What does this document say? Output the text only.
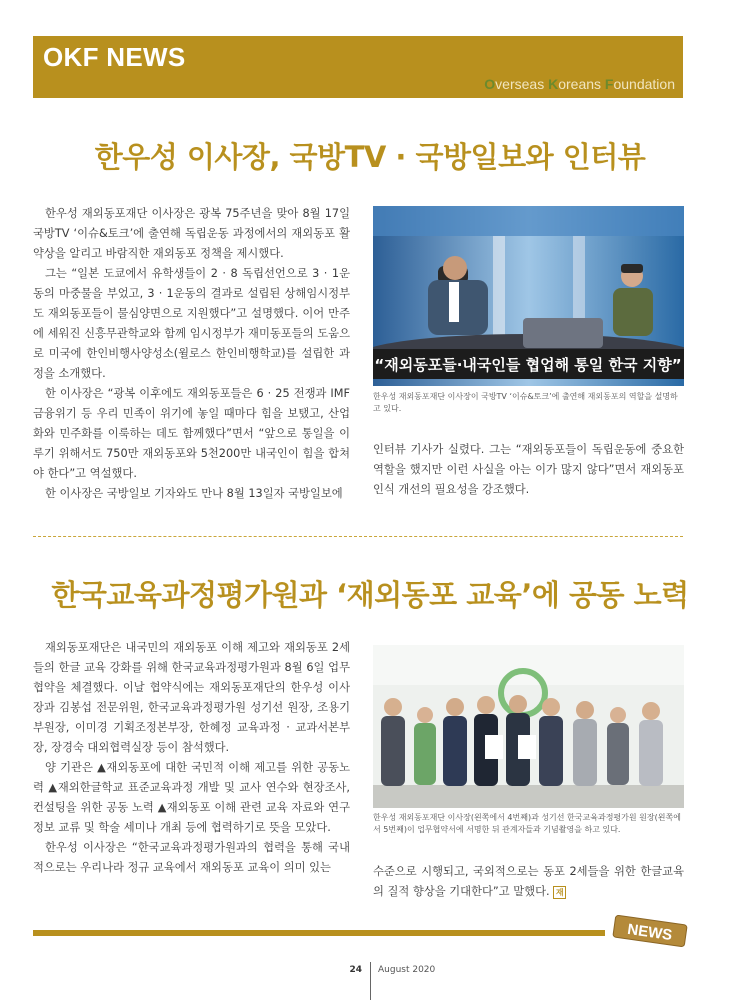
OKF NEWS
Overseas Koreans Foundation
한우성 이사장, 국방TV · 국방일보와 인터뷰

한우성 재외동포재단 이사장은 광복 75주년을 맞아 8월 17일 국방TV ‘이슈&토크’에 출연해 독립운동 과정에서의 재외동포 활약상을 알리고 바람직한 재외동포 정책을 제시했다.

그는 “일본 도쿄에서 유학생들이 2 · 8 독립선언으로 3 · 1운동의 마중물을 부었고, 3 · 1운동의 결과로 설립된 상해임시정부도 재외동포들이 물심양면으로 지원했다”고 설명했다. 이어 만주에 세워진 신흥무관학교와 함께 임시정부가 재미동포들의 도움으로 미국에 한인비행사양성소(윌로스 한인비행학교)를 설립한 과정을 소개했다.

한 이사장은 “광복 이후에도 재외동포들은 6 · 25 전쟁과 IMF 금융위기 등 우리 민족이 위기에 놓일 때마다 힘을 보탰고, 산업화와 민주화를 이룩하는 데도 함께했다”면서 “앞으로 통일을 이루기 위해서도 750만 재외동포와 5천200만 내국인이 힘을 합쳐야 한다”고 역설했다.

한 이사장은 국방일보 기자와도 만나 8월 13일자 국방일보에

“재외동포들·내국인들 협업해 통일 한국 지향”
한우성 재외동포재단 이사장이 국방TV ‘이슈&토크’에 출연해 재외동포의 역할을 설명하고 있다.

인터뷰 기사가 실렸다. 그는 “재외동포들이 독립운동에 중요한 역할을 했지만 이런 사실을 아는 이가 많지 않다”면서 재외동포 인식 개선의 필요성을 강조했다.

한국교육과정평가원과 ‘재외동포 교육’에 공동 노력

재외동포재단은 내국민의 재외동포 이해 제고와 재외동포 2세들의 한글 교육 강화를 위해 한국교육과정평가원과 8월 6일 업무협약을 체결했다. 이날 협약식에는 재외동포재단의 한우성 이사장과 김봉섭 전문위원, 한국교육과정평가원 성기선 원장, 조용기 부원장, 이미경 기획조정본부장, 한혜정 교육과정 · 교과서본부장, 장경숙 대외협력실장 등이 참석했다.

양 기관은 ▲재외동포에 대한 국민적 이해 제고를 위한 공동노력 ▲재외한글학교 표준교육과정 개발 및 교사 연수와 현장조사, 컨설팅을 위한 공동 노력 ▲재외동포 이해 관련 교육 자료와 연구정보 교류 및 학술 세미나 개최 등에 협력하기로 뜻을 모았다.

한우성 이사장은 “한국교육과정평가원과의 협력을 통해 국내적으로는 우리나라 정규 교육에서 재외동포 교육이 의미 있는

한우성 재외동포재단 이사장(왼쪽에서 4번째)과 성기선 한국교육과정평가원 원장(왼쪽에서 5번째)이 업무협약서에 서명한 뒤 관계자들과 기념촬영을 하고 있다.

수준으로 시행되고, 국외적으로는 동포 2세들을 위한 한글교육의 질적 향상을 기대한다”고 말했다. 재

NEWS
24 August 2020
